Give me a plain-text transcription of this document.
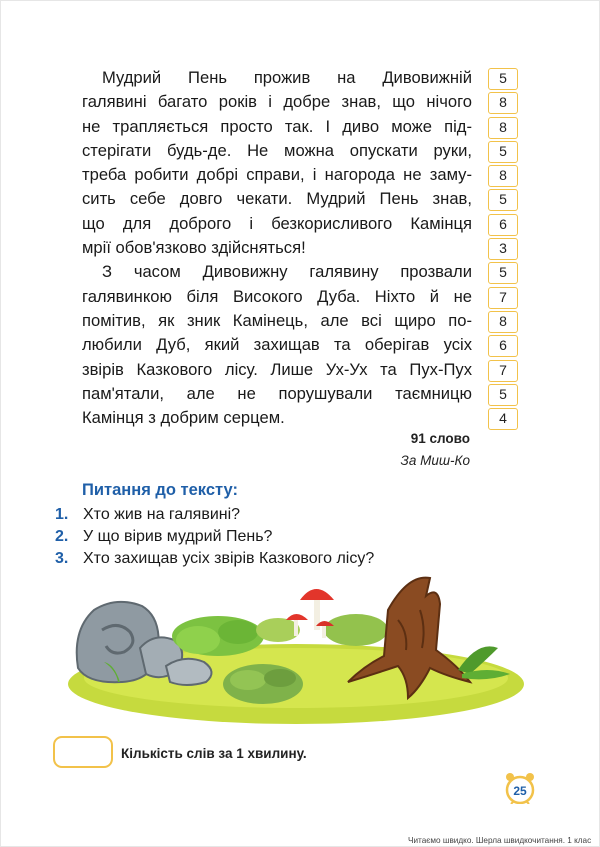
Мудрий Пень прожив на Дивовижній
галявині багато років і добре знав, що нічого
не трапляється просто так. І диво може під-
стерігати будь-де. Не можна опускати руки,
треба робити добрі справи, і нагорода не заму-
сить себе довго чекати. Мудрий Пень знав,
що для доброго і безкорисливого Камінця
мрії обов'язково здійсняться!
З часом Дивовижну галявину прозвали
галявинкою біля Високого Дуба. Ніхто й не
помітив, як зник Камінець, але всі щиро по-
любили Дуб, який захищав та оберігав усіх
звірів Казкового лісу. Лише Ух-Ух та Пух-Пух
пам'ятали, але не порушували таємницю
Камінця з добрим серцем.
5
8
8
5
8
5
6
3
5
7
8
6
7
5
4
91 слово
За Миш-Ко
Питання до тексту:
1. Хто жив на галявині?
2. У що вірив мудрий Пень?
3. Хто захищав усіх звірів Казкового лісу?
Кількість слів за 1 хвилину.
25
Читаємо швидко. Шерла швидкочитання. 1 клас
